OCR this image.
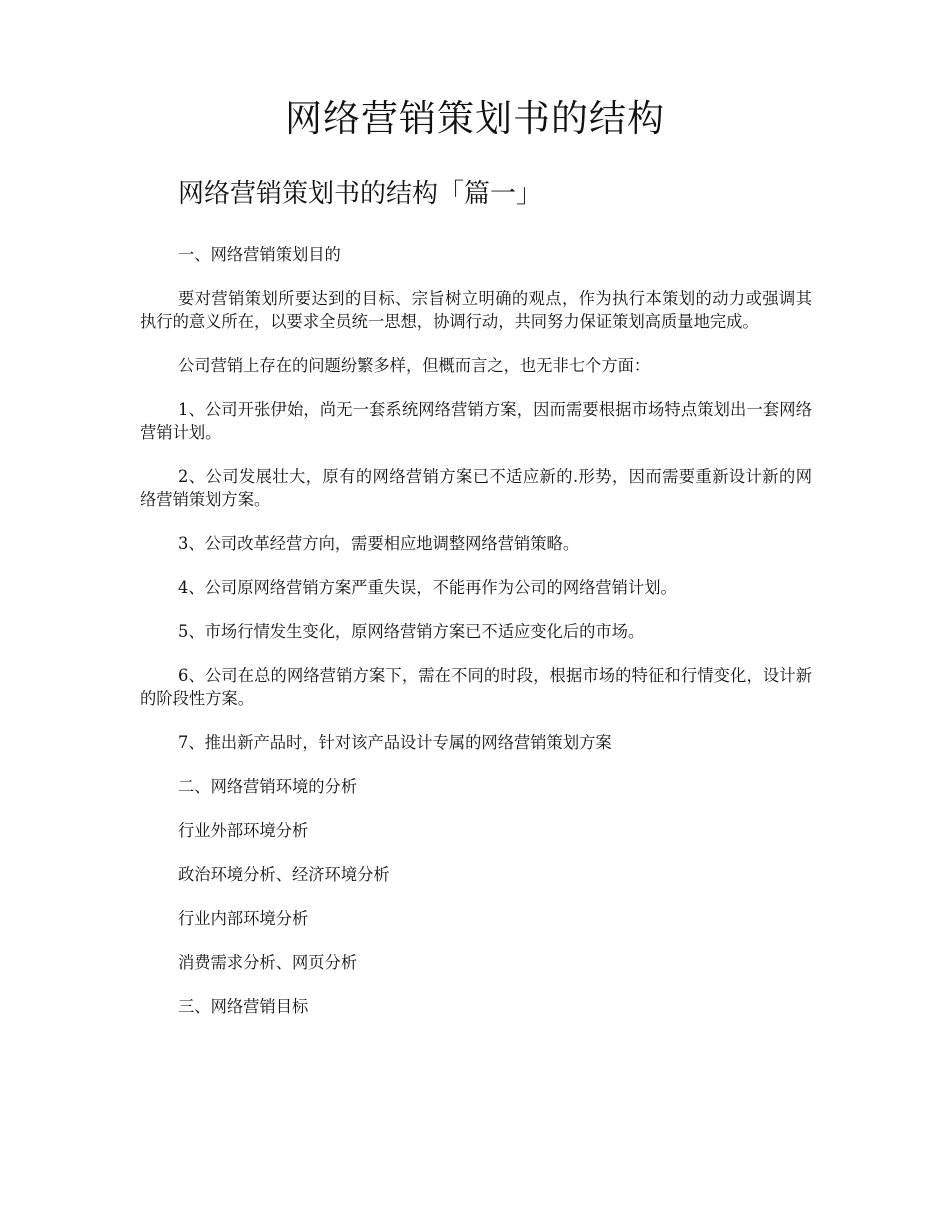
网络营销策划书的结构
网络营销策划书的结构「篇一」

一、网络营销策划目的

要对营销策划所要达到的目标、宗旨树立明确的观点，作为执行本策划的动力或强调其执行的意义所在，以要求全员统一思想，协调行动，共同努力保证策划高质量地完成。

公司营销上存在的问题纷繁多样，但概而言之，也无非七个方面：

1、公司开张伊始，尚无一套系统网络营销方案，因而需要根据市场特点策划出一套网络营销计划。

2、公司发展壮大，原有的网络营销方案已不适应新的.形势，因而需要重新设计新的网络营销策划方案。

3、公司改革经营方向，需要相应地调整网络营销策略。

4、公司原网络营销方案严重失误，不能再作为公司的网络营销计划。

5、市场行情发生变化，原网络营销方案已不适应变化后的市场。

6、公司在总的网络营销方案下，需在不同的时段，根据市场的特征和行情变化，设计新的阶段性方案。

7、推出新产品时，针对该产品设计专属的网络营销策划方案

二、网络营销环境的分析

行业外部环境分析

政治环境分析、经济环境分析

行业内部环境分析

消费需求分析、网页分析

三、网络营销目标
